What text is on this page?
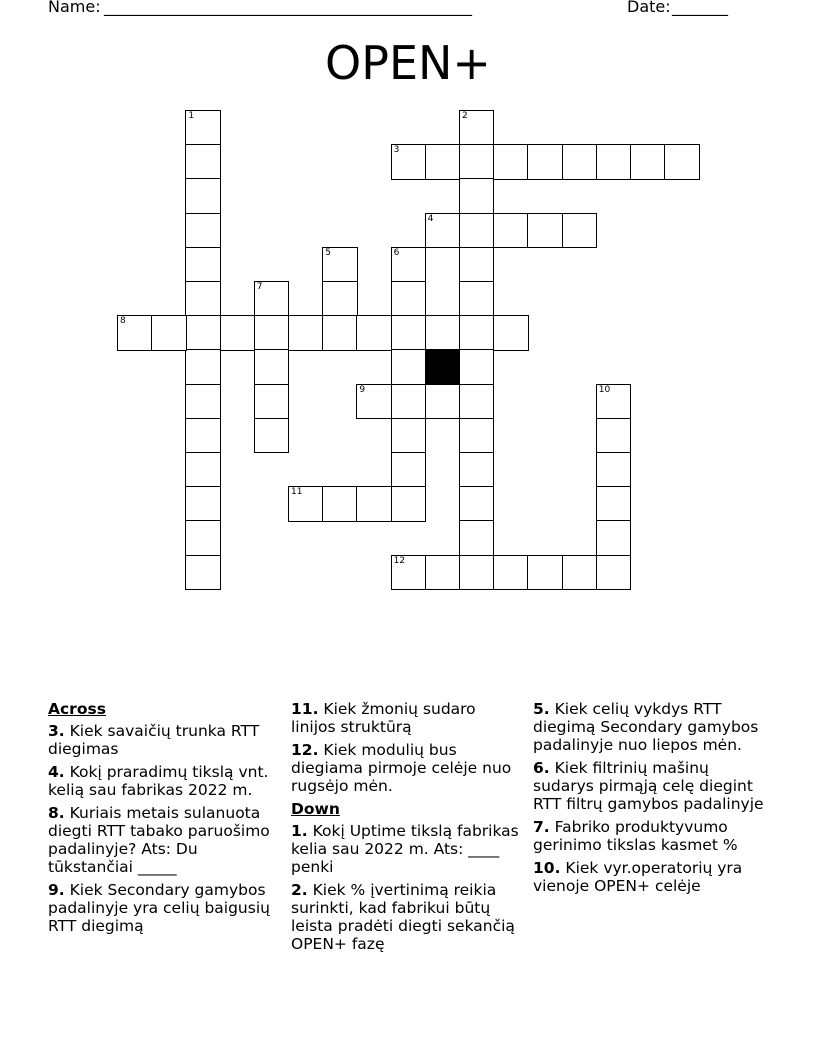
Name: ______________________________________________	Date: _______
OPEN+
1	2
3
4
5	6
7
8
9	10
11
12
Across
3. Kiek savaičių trunka RTT diegimas
4. Kokį praradimų tikslą vnt. kelią sau fabrikas 2022 m.
8. Kuriais metais sulanuota diegti RTT tabako paruošimo padalinyje? Ats: Du tūkstančiai _____
9. Kiek Secondary gamybos padalinyje yra celių baigusių RTT diegimą
11. Kiek žmonių sudaro linijos struktūrą
12. Kiek modulių bus diegiama pirmoje celėje nuo rugsėjo mėn.
Down
1. Kokį Uptime tikslą fabrikas kelia sau 2022 m. Ats: ____ penki
2. Kiek % įvertinimą reikia surinkti, kad fabrikui būtų leista pradėti diegti sekančią OPEN+ fazę
5. Kiek celių vykdys RTT diegimą Secondary gamybos padalinyje nuo liepos mėn.
6. Kiek filtrinių mašinų sudarys pirmąją celę diegint RTT filtrų gamybos padalinyje
7. Fabriko produktyvumo gerinimo tikslas kasmet %
10. Kiek vyr.operatorių yra vienoje OPEN+ celėje
